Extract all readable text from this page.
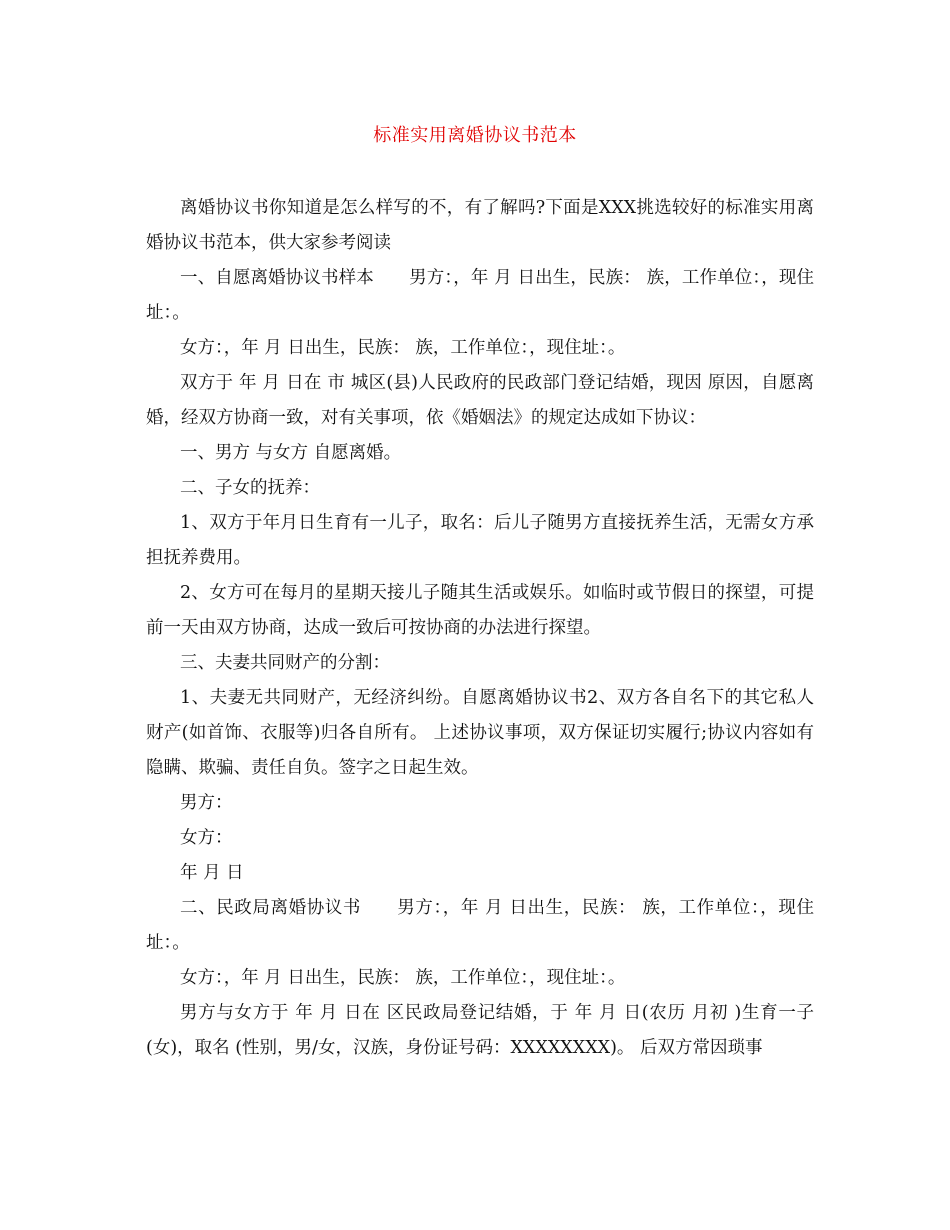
标准实用离婚协议书范本

离婚协议书你知道是怎么样写的不，有了解吗?下面是XXX挑选较好的标准实用离婚协议书范本，供大家参考阅读

一、自愿离婚协议书样本　　男方：，年 月 日出生，民族： 族，工作单位：，现住址：。

女方：，年 月 日出生，民族： 族，工作单位：，现住址：。

双方于 年 月 日在 市 城区(县)人民政府的民政部门登记结婚，现因 原因，自愿离婚，经双方协商一致，对有关事项，依《婚姻法》的规定达成如下协议：

一、男方 与女方 自愿离婚。

二、子女的抚养：

1、双方于年月日生育有一儿子，取名：后儿子随男方直接抚养生活，无需女方承担抚养费用。

2、女方可在每月的星期天接儿子随其生活或娱乐。如临时或节假日的探望，可提前一天由双方协商，达成一致后可按协商的办法进行探望。

三、夫妻共同财产的分割：

1、夫妻无共同财产，无经济纠纷。自愿离婚协议书2、双方各自名下的其它私人财产(如首饰、衣服等)归各自所有。 上述协议事项，双方保证切实履行;协议内容如有隐瞒、欺骗、责任自负。签字之日起生效。

男方：

女方：

年 月 日

二、民政局离婚协议书　　男方：，年 月 日出生，民族： 族，工作单位：，现住址：。

女方：，年 月 日出生，民族： 族，工作单位：，现住址：。

男方与女方于 年 月 日在 区民政局登记结婚，于 年 月 日(农历 月初 )生育一子(女)，取名 (性别，男/女，汉族，身份证号码：XXXXXXXX)。 后双方常因琐事
